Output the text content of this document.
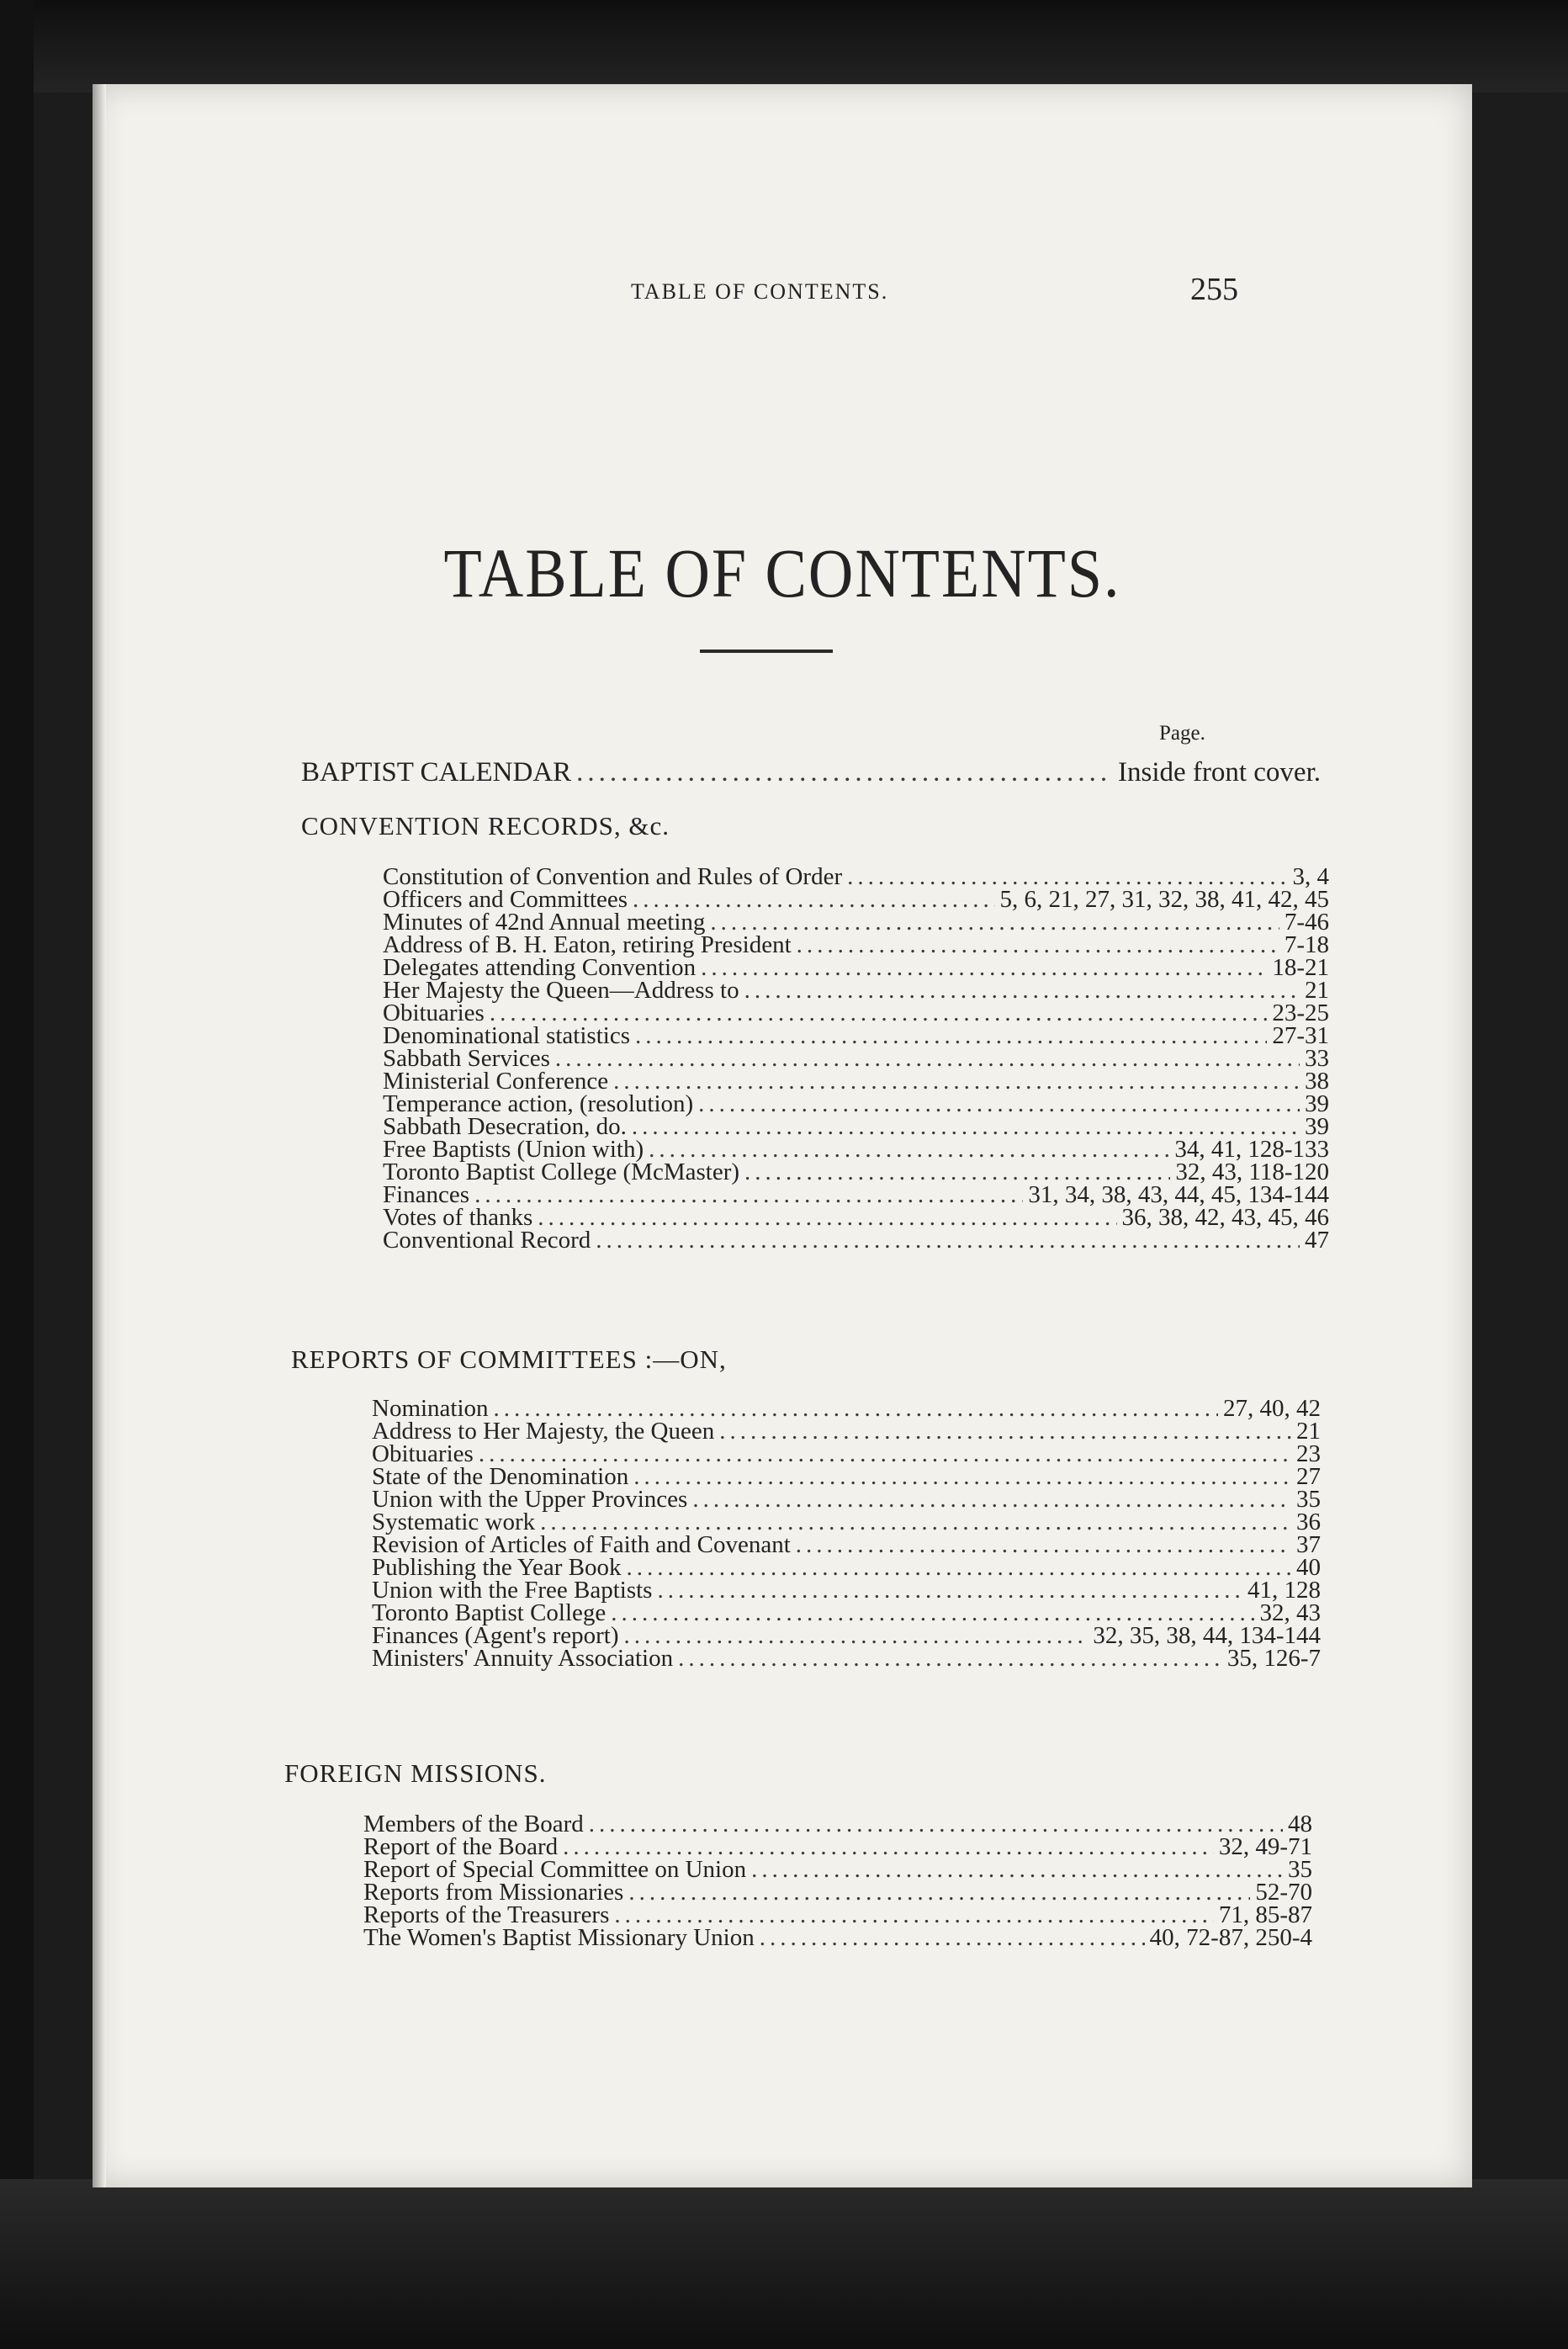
TABLE OF CONTENTS.	255
TABLE OF CONTENTS.
Page.
BAPTIST CALENDAR .....	Inside front cover.
CONVENTION RECORDS, &c.
Constitution of Convention and Rules of Order .....	3, 4
Officers and Committees .....	5, 6, 21, 27, 31, 32, 38, 41, 42, 45
Minutes of 42nd Annual meeting .....	7-46
Address of B. H. Eaton, retiring President .....	7-18
Delegates attending Convention .....	18-21
Her Majesty the Queen—Address to .....	21
Obituaries .....	23-25
Denominational statistics .....	27-31
Sabbath Services .....	33
Ministerial Conference .....	38
Temperance action, (resolution) .....	39
Sabbath Desecration, do. .....	39
Free Baptists (Union with) .....	34, 41, 128-133
Toronto Baptist College (McMaster) .....	32, 43, 118-120
Finances .....	31, 34, 38, 43, 44, 45, 134-144
Votes of thanks .....	36, 38, 42, 43, 45, 46
Conventional Record .....	47
REPORTS OF COMMITTEES :—ON,
Nomination .....	27, 40, 42
Address to Her Majesty, the Queen .....	21
Obituaries .....	23
State of the Denomination .....	27
Union with the Upper Provinces .....	35
Systematic work .....	36
Revision of Articles of Faith and Covenant .....	37
Publishing the Year Book .....	40
Union with the Free Baptists .....	41, 128
Toronto Baptist College .....	32, 43
Finances (Agent's report) .....	32, 35, 38, 44, 134-144
Ministers' Annuity Association .....	35, 126-7
FOREIGN MISSIONS.
Members of the Board .....	48
Report of the Board .....	32, 49-71
Report of Special Committee on Union .....	35
Reports from Missionaries .....	52-70
Reports of the Treasurers .....	71, 85-87
The Women's Baptist Missionary Union .....	40, 72-87, 250-4
